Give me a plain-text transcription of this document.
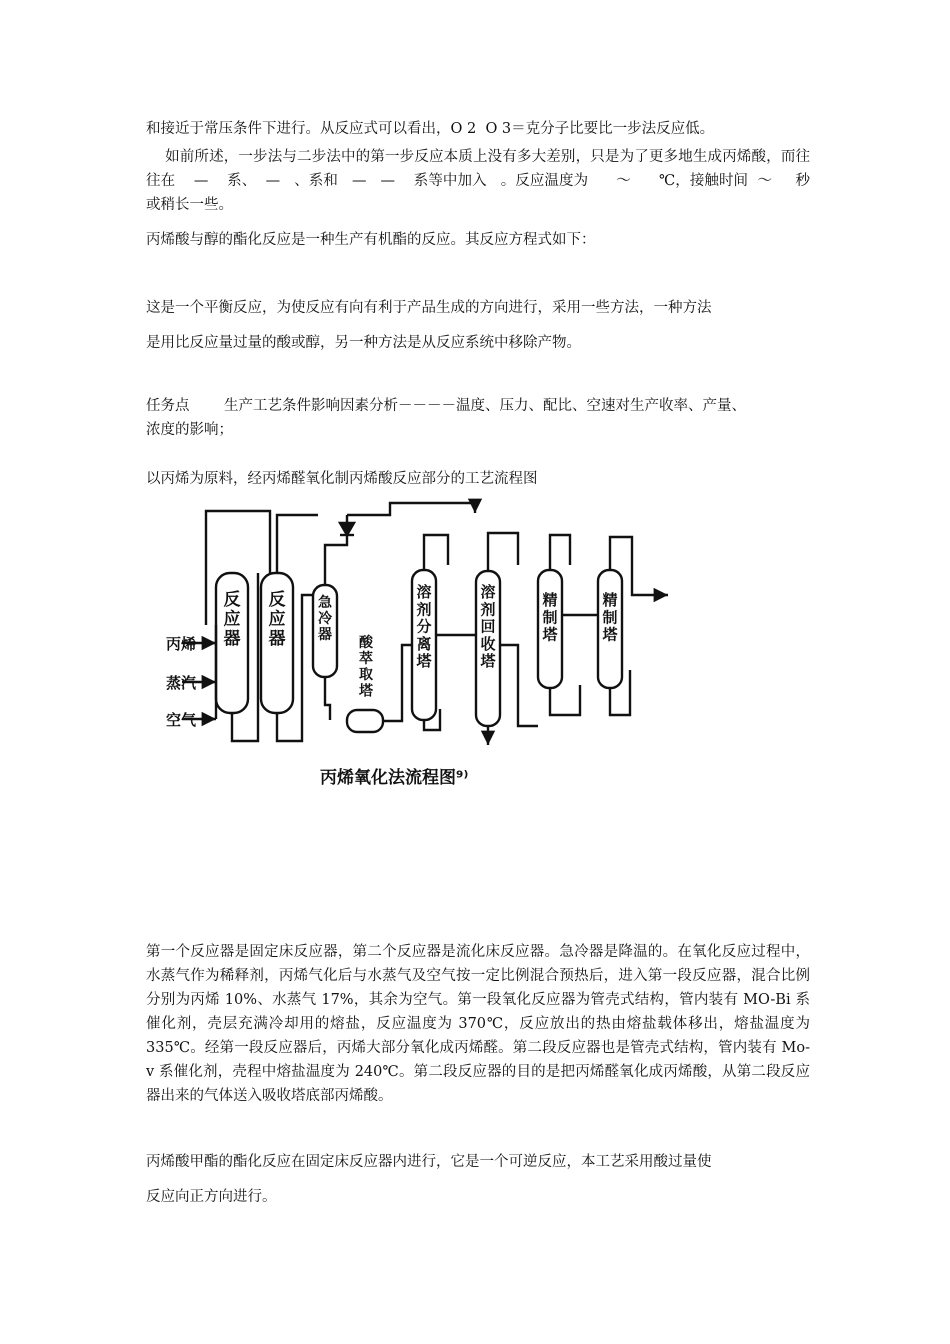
和接近于常压条件下进行。从反应式可以看出，O 2  O 3＝克分子比要比一步法反应低。

如前所述，一步法与二步法中的第一步反应本质上没有多大差别，只是为了更多地生成丙烯酸，而往往在    —    系、  —   、系和   —   —    系等中加入   。反应温度为      ～      ℃，接触时间  ～     秒或稍长一些。

丙烯酸与醇的酯化反应是一种生产有机酯的反应。其反应方程式如下：

这是一个平衡反应，为使反应有向有利于产品生成的方向进行，采用一些方法，一种方法
是用比反应量过量的酸或醇，另一种方法是从反应系统中移除产物。
任务点	生产工艺条件影响因素分析－－－－温度、压力、配比、空速对生产收率、产量、
浓度的影响；

以丙烯为原料，经丙烯醛氧化制丙烯酸反应部分的工艺流程图

丙烯
蒸汽
空气
反应器
反应器
急冷器 酸萃取塔
溶剂分离塔
溶剂回收塔
精制塔
精制塔
丙烯氧化法流程图⁹⁾

第一个反应器是固定床反应器，第二个反应器是流化床反应器。急冷器是降温的。在氧化反应过程中，水蒸气作为稀释剂，丙烯气化后与水蒸气及空气按一定比例混合预热后，进入第一段反应器，混合比例分别为丙烯 10%、水蒸气 17%，其余为空气。第一段氧化反应器为管壳式结构，管内装有 MO-Bi 系催化剂，壳层充满冷却用的熔盐，反应温度为 370℃，反应放出的热由熔盐载体移出，熔盐温度为 335℃。经第一段反应器后，丙烯大部分氧化成丙烯醛。第二段反应器也是管壳式结构，管内装有 Mo-v 系催化剂，壳程中熔盐温度为 240℃。第二段反应器的目的是把丙烯醛氧化成丙烯酸，从第二段反应器出来的气体送入吸收塔底部丙烯酸。

丙烯酸甲酯的酯化反应在固定床反应器内进行，它是一个可逆反应，本工艺采用酸过量使
反应向正方向进行。
